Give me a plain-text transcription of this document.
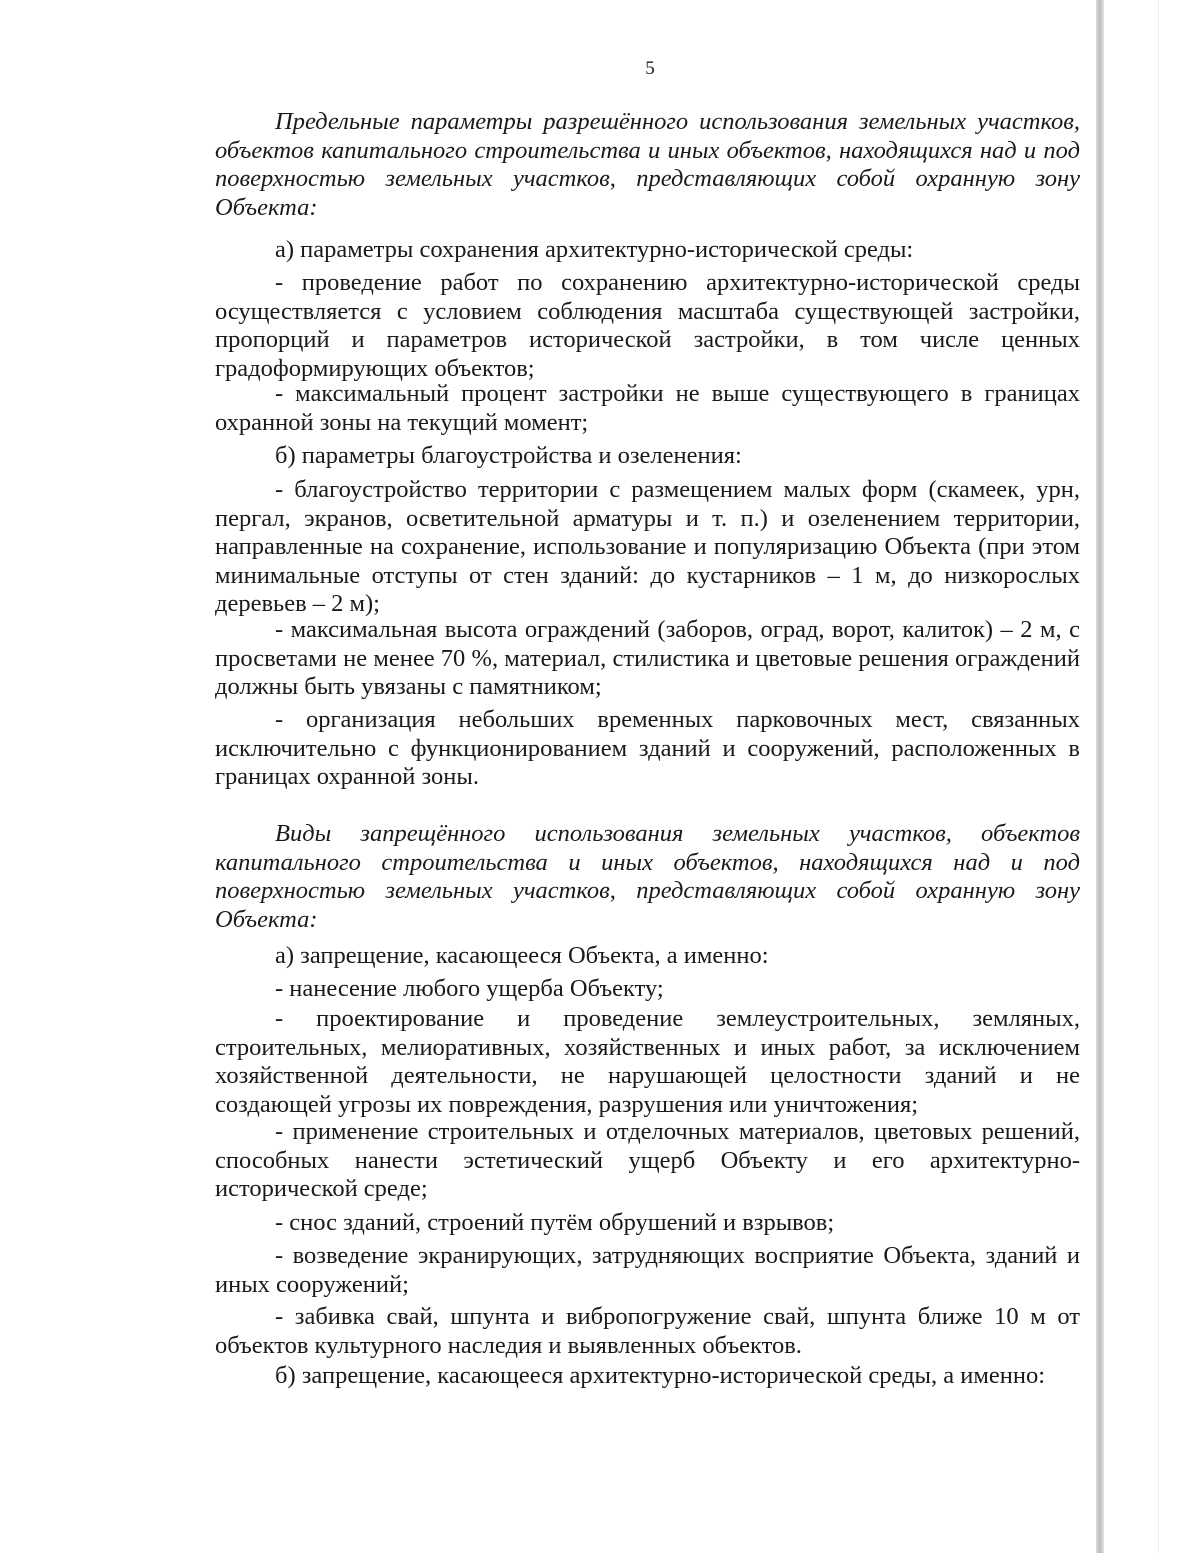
5

Предельные параметры разрешённого использования земельных участков, объектов капитального строительства и иных объектов, находящихся над и под поверхностью земельных участков, представляющих собой охранную зону Объекта:

а) параметры сохранения архитектурно-исторической среды:

- проведение работ по сохранению архитектурно-исторической среды осуществляется с условием соблюдения масштаба существующей застройки, пропорций и параметров исторической застройки, в том числе ценных градоформирующих объектов;

- максимальный процент застройки не выше существующего в границах охранной зоны на текущий момент;

б) параметры благоустройства и озеленения:

- благоустройство территории с размещением малых форм (скамеек, урн, пергал, экранов, осветительной арматуры и т. п.) и озеленением территории, направленные на сохранение, использование и популяризацию Объекта (при этом минимальные отступы от стен зданий: до кустарников – 1 м, до низкорослых деревьев – 2 м);

- максимальная высота ограждений (заборов, оград, ворот, калиток) – 2 м, с просветами не менее 70 %, материал, стилистика и цветовые решения ограждений должны быть увязаны с памятником;

- организация небольших временных парковочных мест, связанных исключительно с функционированием зданий и сооружений, расположенных в границах охранной зоны.

Виды запрещённого использования земельных участков, объектов капитального строительства и иных объектов, находящихся над и под поверхностью земельных участков, представляющих собой охранную зону Объекта:

а) запрещение, касающееся Объекта, а именно:

- нанесение любого ущерба Объекту;

- проектирование и проведение землеустроительных, земляных, строительных, мелиоративных, хозяйственных и иных работ, за исключением хозяйственной деятельности, не нарушающей целостности зданий и не создающей угрозы их повреждения, разрушения или уничтожения;

- применение строительных и отделочных материалов, цветовых решений, способных нанести эстетический ущерб Объекту и его архитектурно-исторической среде;

- снос зданий, строений путём обрушений и взрывов;

- возведение экранирующих, затрудняющих восприятие Объекта, зданий и иных сооружений;

- забивка свай, шпунта и вибропогружение свай, шпунта ближе 10 м от объектов культурного наследия и выявленных объектов.

б) запрещение, касающееся архитектурно-исторической среды, а именно:
